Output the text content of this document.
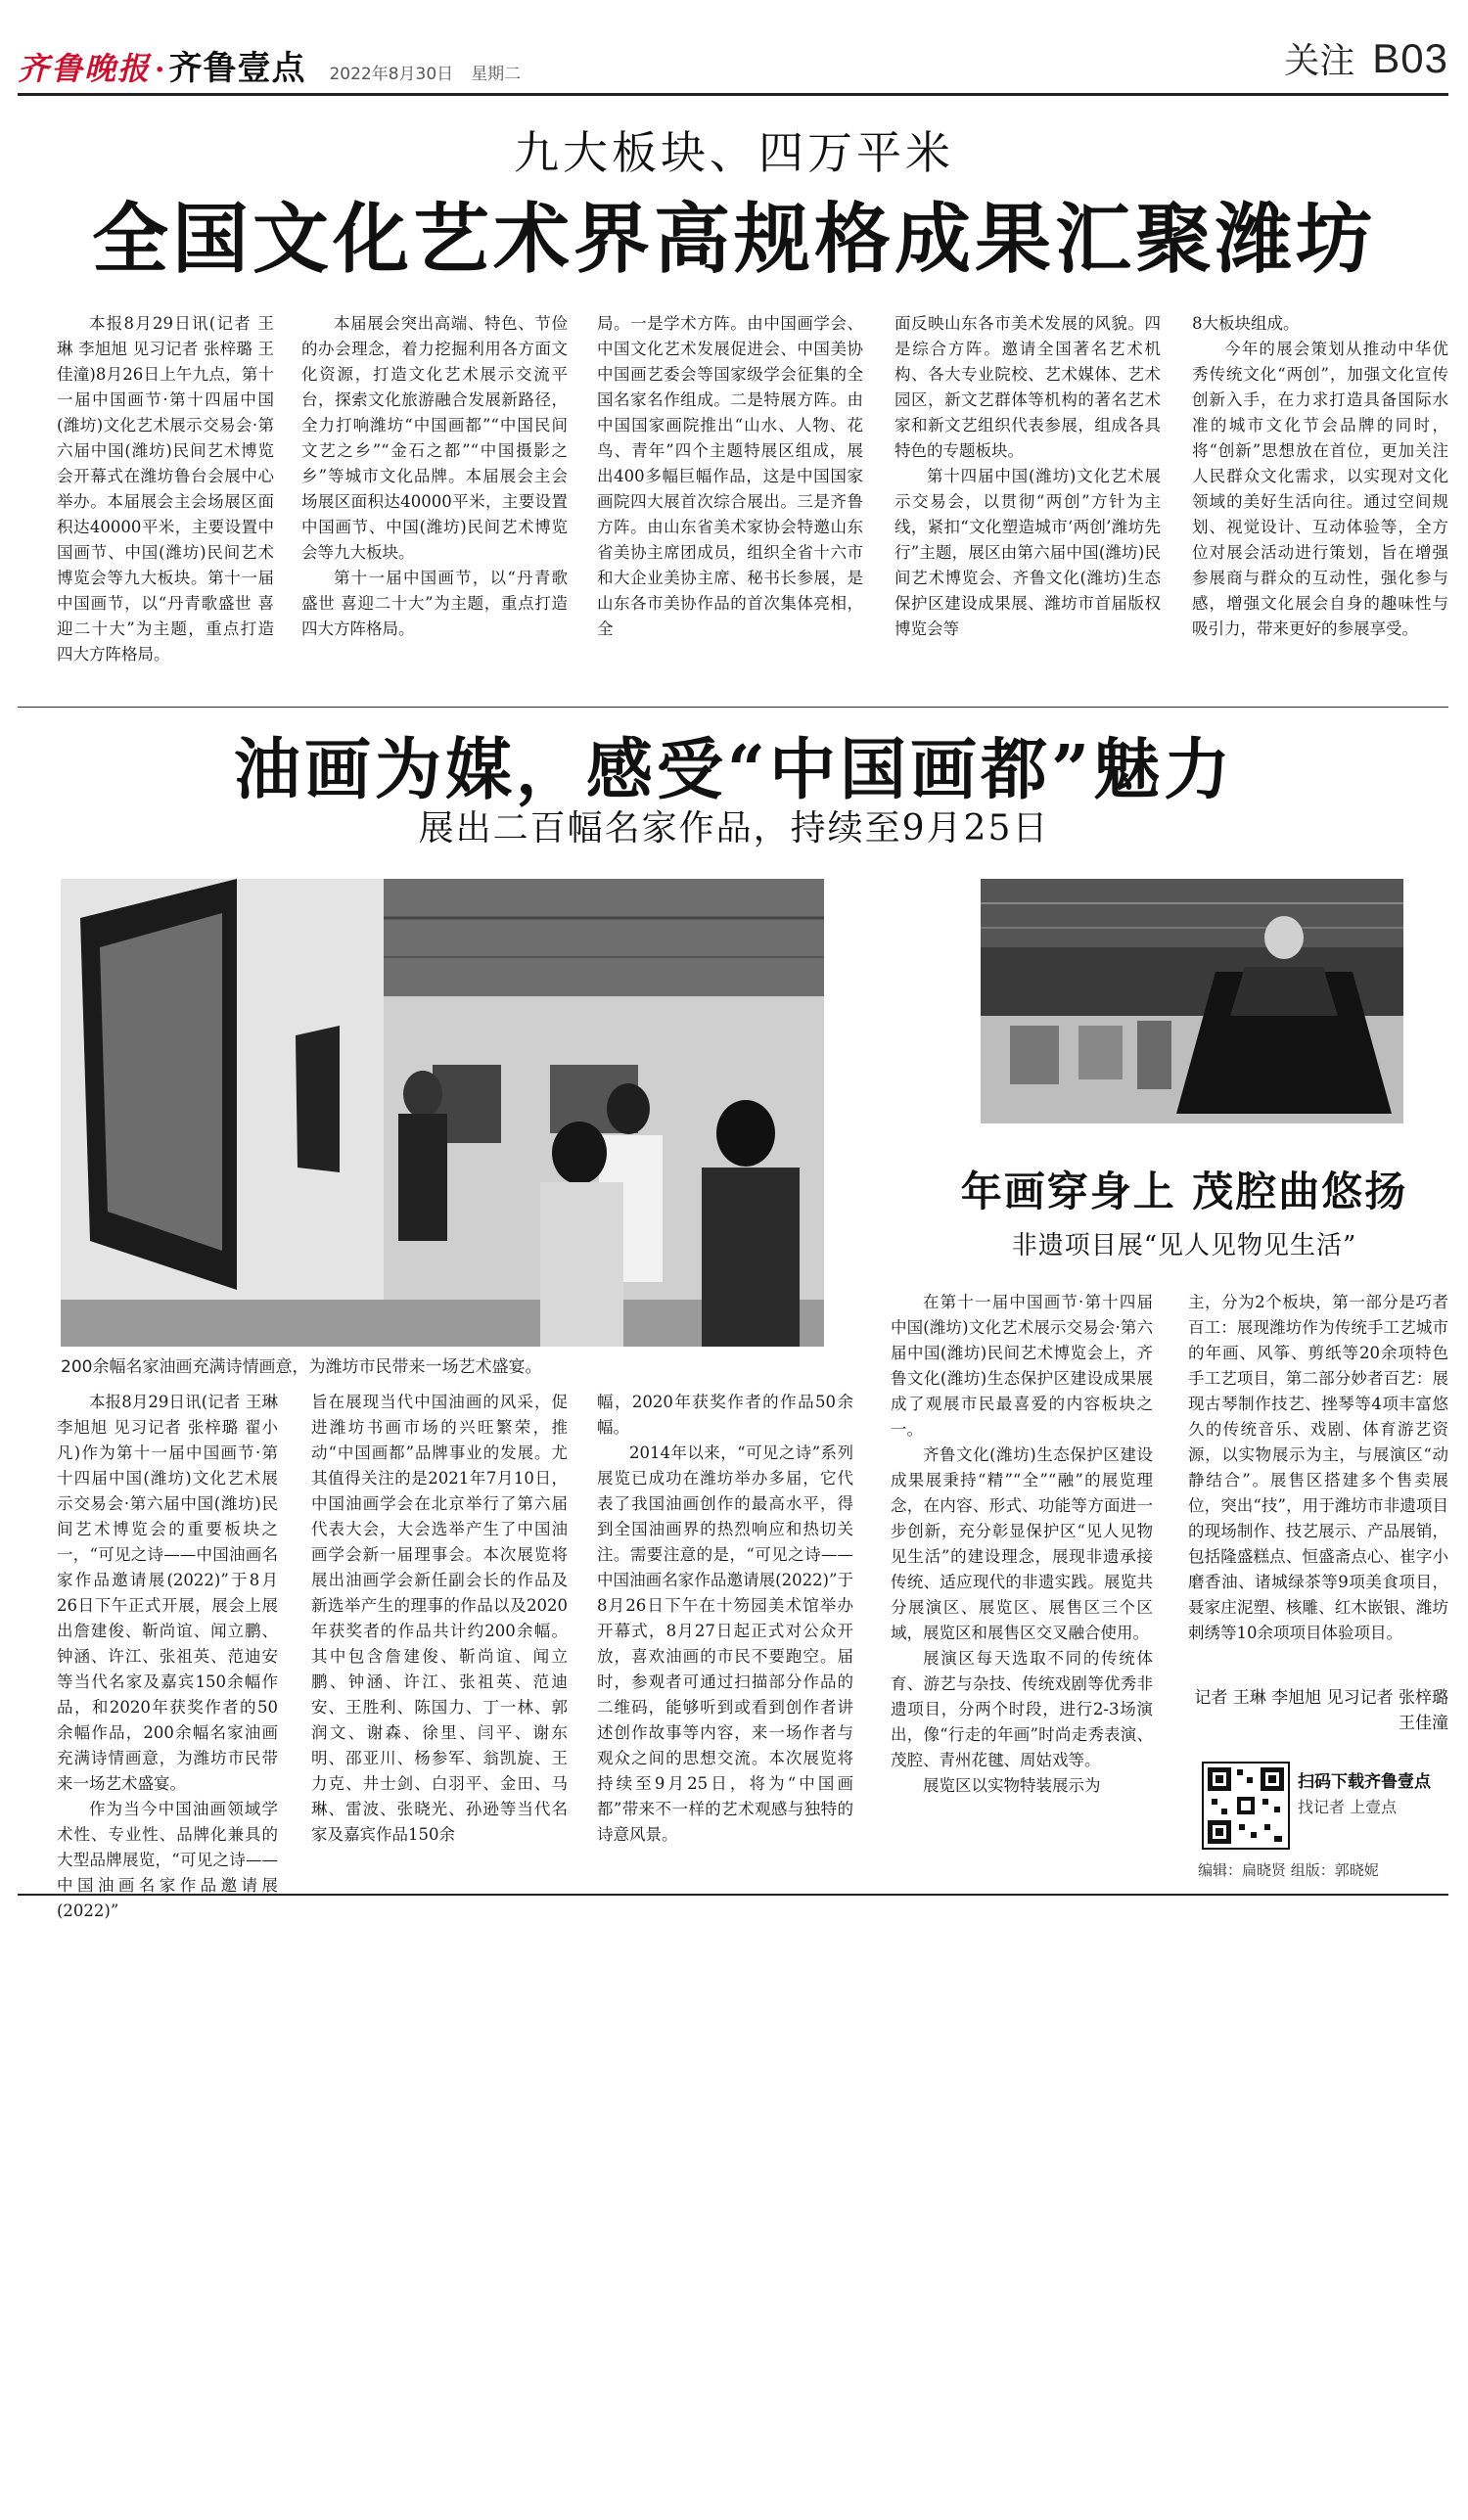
齐鲁晚报 · 齐鲁壹点 2022年8月30日 星期二	关注 B03
九大板块、四万平米
全国文化艺术界高规格成果汇聚潍坊

本报8月29日讯(记者 王琳 李旭旭 见习记者 张梓璐 王佳潼)8月26日上午九点，第十一届中国画节·第十四届中国(潍坊)文化艺术展示交易会·第六届中国(潍坊)民间艺术博览会开幕式在潍坊鲁台会展中心举办。本届展会主会场展区面积达40000平米，主要设置中国画节、中国(潍坊)民间艺术博览会等九大板块。第十一届中国画节，以“丹青歌盛世 喜迎二十大”为主题，重点打造四大方阵格局。

本届展会突出高端、特色、节俭的办会理念，着力挖掘利用各方面文化资源，打造文化艺术展示交流平台，探索文化旅游融合发展新路径，全力打响潍坊“中国画都”“中国民间文艺之乡”“金石之都”“中国摄影之乡”等城市文化品牌。本届展会主会场展区面积达40000平米，主要设置中国画节、中国(潍坊)民间艺术博览会等九大板块。

第十一届中国画节，以“丹青歌盛世 喜迎二十大”为主题，重点打造四大方阵格局。

局。一是学术方阵。由中国画学会、中国文化艺术发展促进会、中国美协中国画艺委会等国家级学会征集的全国名家名作组成。二是特展方阵。由中国国家画院推出“山水、人物、花鸟、青年”四个主题特展区组成，展出400多幅巨幅作品，这是中国国家画院四大展首次综合展出。三是齐鲁方阵。由山东省美术家协会特邀山东省美协主席团成员，组织全省十六市和大企业美协主席、秘书长参展，是山东各市美协作品的首次集体亮相，全

面反映山东各市美术发展的风貌。四是综合方阵。邀请全国著名艺术机构、各大专业院校、艺术媒体、艺术园区，新文艺群体等机构的著名艺术家和新文艺组织代表参展，组成各具特色的专题板块。

第十四届中国(潍坊)文化艺术展示交易会，以贯彻“两创”方针为主线，紧扣“文化塑造城市‘两创’潍坊先行”主题，展区由第六届中国(潍坊)民间艺术博览会、齐鲁文化(潍坊)生态保护区建设成果展、潍坊市首届版权博览会等

8大板块组成。

今年的展会策划从推动中华优秀传统文化“两创”，加强文化宣传创新入手，在力求打造具备国际水准的城市文化节会品牌的同时，将“创新”思想放在首位，更加关注人民群众文化需求，以实现对文化领域的美好生活向往。通过空间规划、视觉设计、互动体验等，全方位对展会活动进行策划，旨在增强参展商与群众的互动性，强化参与感，增强文化展会自身的趣味性与吸引力，带来更好的参展享受。

油画为媒，感受“中国画都”魅力
展出二百幅名家作品，持续至9月25日
200余幅名家油画充满诗情画意，为潍坊市民带来一场艺术盛宴。

本报8月29日讯(记者 王琳 李旭旭 见习记者 张梓璐 翟小凡)作为第十一届中国画节·第十四届中国(潍坊)文化艺术展示交易会·第六届中国(潍坊)民间艺术博览会的重要板块之一，“可见之诗——中国油画名家作品邀请展(2022)”于8月26日下午正式开展，展会上展出詹建俊、靳尚谊、闻立鹏、钟涵、许江、张祖英、范迪安等当代名家及嘉宾150余幅作品，和2020年获奖作者的50余幅作品，200余幅名家油画充满诗情画意，为潍坊市民带来一场艺术盛宴。

作为当今中国油画领域学术性、专业性、品牌化兼具的大型品牌展览，“可见之诗——中国油画名家作品邀请展(2022)”

旨在展现当代中国油画的风采，促进潍坊书画市场的兴旺繁荣，推动“中国画都”品牌事业的发展。尤其值得关注的是2021年7月10日，中国油画学会在北京举行了第六届代表大会，大会选举产生了中国油画学会新一届理事会。本次展览将展出油画学会新任副会长的作品及新选举产生的理事的作品以及2020年获奖者的作品共计约200余幅。其中包含詹建俊、靳尚谊、闻立鹏、钟涵、许江、张祖英、范迪安、王胜利、陈国力、丁一林、郭润文、谢森、徐里、闫平、谢东明、邵亚川、杨参军、翁凯旋、王力克、井士剑、白羽平、金田、马琳、雷波、张晓光、孙逊等当代名家及嘉宾作品150余

幅，2020年获奖作者的作品50余幅。

2014年以来，“可见之诗”系列展览已成功在潍坊举办多届，它代表了我国油画创作的最高水平，得到全国油画界的热烈响应和热切关注。需要注意的是，“可见之诗——中国油画名家作品邀请展(2022)”于8月26日下午在十笏园美术馆举办开幕式，8月27日起正式对公众开放，喜欢油画的市民不要跑空。届时，参观者可通过扫描部分作品的二维码，能够听到或看到创作者讲述创作故事等内容，来一场作者与观众之间的思想交流。本次展览将持续至9月25日，将为“中国画都”带来不一样的艺术观感与独特的诗意风景。

年画穿身上 茂腔曲悠扬
非遗项目展“见人见物见生活”

在第十一届中国画节·第十四届中国(潍坊)文化艺术展示交易会·第六届中国(潍坊)民间艺术博览会上，齐鲁文化(潍坊)生态保护区建设成果展成了观展市民最喜爱的内容板块之一。

齐鲁文化(潍坊)生态保护区建设成果展秉持“精”“全”“融”的展览理念，在内容、形式、功能等方面进一步创新，充分彰显保护区“见人见物见生活”的建设理念，展现非遗承接传统、适应现代的非遗实践。展览共分展演区、展览区、展售区三个区域，展览区和展售区交叉融合使用。

展演区每天选取不同的传统体育、游艺与杂技、传统戏剧等优秀非遗项目，分两个时段，进行2-3场演出，像“行走的年画”时尚走秀表演、茂腔、青州花毽、周姑戏等。

展览区以实物特装展示为

主，分为2个板块，第一部分是巧者百工：展现潍坊作为传统手工艺城市的年画、风筝、剪纸等20余项特色手工艺项目，第二部分妙者百艺：展现古琴制作技艺、挫琴等4项丰富悠久的传统音乐、戏剧、体育游艺资源，以实物展示为主，与展演区“动静结合”。展售区搭建多个售卖展位，突出“技”，用于潍坊市非遗项目的现场制作、技艺展示、产品展销，包括隆盛糕点、恒盛斋点心、崔字小磨香油、诸城绿茶等9项美食项目，聂家庄泥塑、核雕、红木嵌银、潍坊刺绣等10余项项目体验项目。

记者 王琳 李旭旭 见习记者 张梓璐 王佳潼
扫码下载齐鲁壹点
找记者 上壹点
编辑：扁晓贤 组版：郭晓妮
